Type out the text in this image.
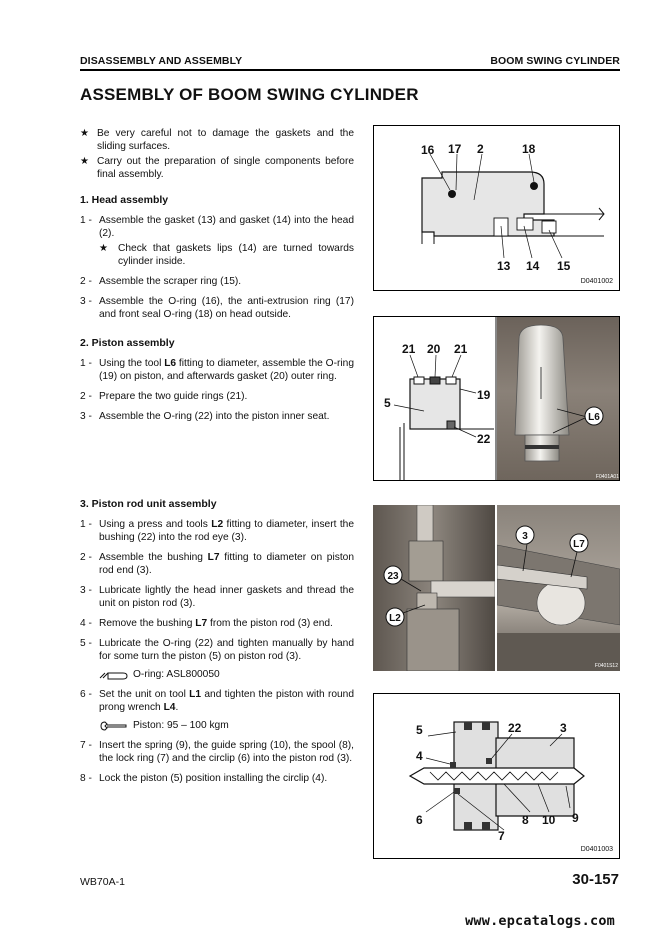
DISASSEMBLY AND ASSEMBLY	BOOM SWING CYLINDER
ASSEMBLY OF BOOM SWING CYLINDER
★ Be very careful not to damage the gaskets and the sliding surfaces.
★ Carry out the preparation of single components before final assembly.
1. Head assembly
1 - Assemble the gasket (13) and gasket (14) into the head (2).
★ Check that gaskets lips (14) are turned towards cylinder inside.
2 - Assemble the scraper ring (15).
3 - Assemble the O-ring (16), the anti-extrusion ring (17) and front seal O-ring (18) on head outside.
2. Piston assembly
1 - Using the tool L6 fitting to diameter, assemble the O-ring (19) on piston, and afterwards gasket (20) outer ring.
2 - Prepare the two guide rings (21).
3 - Assemble the O-ring (22) into the piston inner seat.
3. Piston rod unit assembly
1 - Using a press and tools L2 fitting to diameter, insert the bushing (22) into the rod eye (3).
2 - Assemble the bushing L7 fitting to diameter on piston rod end (3).
3 - Lubricate lightly the head inner gaskets and thread the unit on piston rod (3).
4 - Remove the bushing L7 from the piston rod (3) end.
5 - Lubricate the O-ring (22) and tighten manually by hand for some turn the piston (5) on piston rod (3).
O-ring: ASL800050
6 - Set the unit on tool L1 and tighten the piston with round prong wrench L4.
Piston: 95 – 100 kgm
7 - Insert the spring (9), the guide spring (10), the spool (8), the lock ring (7) and the circlip (6) into the piston rod (3).
8 - Lock the piston (5) position installing the circlip (4).
16 17 2	18
13 14 15
D0401002
21 20 21
19
5
22
L6
F0401A01
23
L2
3
L7
F0401S12
5	22	3
4
6
7
8 10 9
D0401003
WB70A-1	30-157
www.epcatalogs.com
